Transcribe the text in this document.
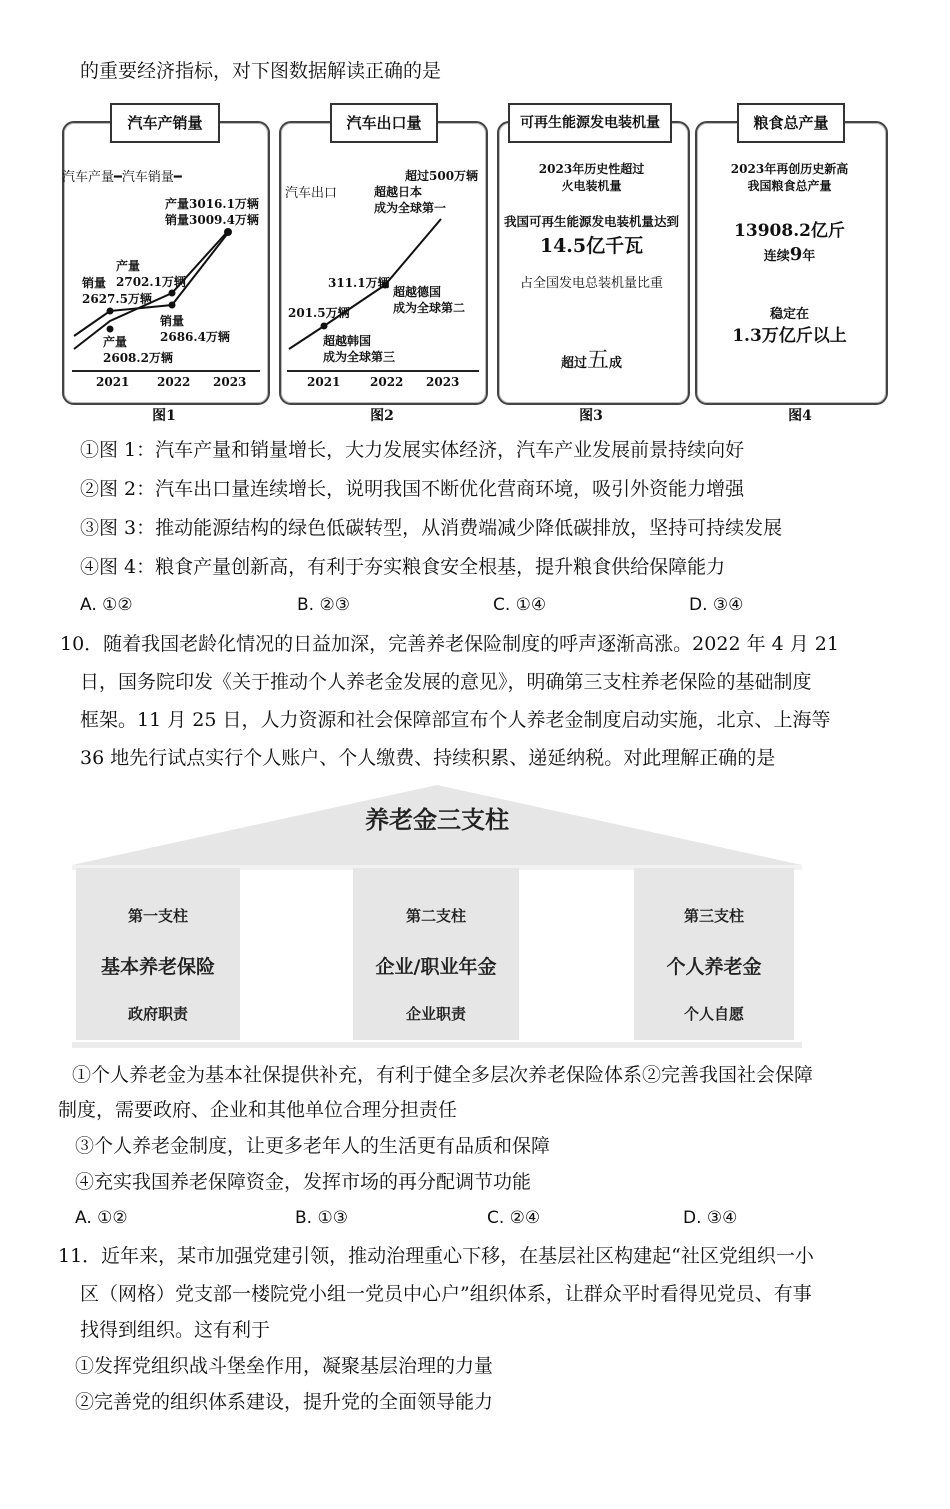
的重要经济指标，对下图数据解读正确的是
汽车产销量
汽车产量━汽车销量━
产量3016.1万辆
销量3009.4万辆
产量
2702.1万辆
销量
2627.5万辆
销量
2686.4万辆
产量
2608.2万辆
2021 2022 2023
图1
汽车出口量
汽车出口
超过500万辆
超越日本
成为全球第一
311.1万辆
超越德国
成为全球第二
201.5万辆
超越韩国
成为全球第三
2021 2022 2023
图2
可再生能源发电装机量
2023年历史性超过
火电装机量
我国可再生能源发电装机量达到
14.5亿千瓦
占全国发电总装机量比重
超过五成
图3
粮食总产量
2023年再创历史新高
我国粮食总产量
13908.2亿斤
连续9年
稳定在
1.3万亿斤以上
图4
①图 1：汽车产量和销量增长，大力发展实体经济，汽车产业发展前景持续向好
②图 2：汽车出口量连续增长，说明我国不断优化营商环境，吸引外资能力增强
③图 3：推动能源结构的绿色低碳转型，从消费端减少降低碳排放，坚持可持续发展
④图 4：粮食产量创新高，有利于夯实粮食安全根基，提升粮食供给保障能力
A. ①②	B. ②③	C. ①④	D. ③④
10．随着我国老龄化情况的日益加深，完善养老保险制度的呼声逐渐高涨。2022 年 4 月 21
日，国务院印发《关于推动个人养老金发展的意见》，明确第三支柱养老保险的基础制度
框架。11 月 25 日，人力资源和社会保障部宣布个人养老金制度启动实施，北京、上海等
36 地先行试点实行个人账户、个人缴费、持续积累、递延纳税。对此理解正确的是
养老金三支柱
第一支柱
基本养老保险
政府职责
第二支柱
企业/职业年金
企业职责
第三支柱
个人养老金
个人自愿
①个人养老金为基本社保提供补充，有利于健全多层次养老保险体系②完善我国社会保障
制度，需要政府、企业和其他单位合理分担责任
③个人养老金制度，让更多老年人的生活更有品质和保障
④充实我国养老保障资金，发挥市场的再分配调节功能
A. ①②	B. ①③	C. ②④	D. ③④
11．近年来，某市加强党建引领，推动治理重心下移，在基层社区构建起“社区党组织一小
区（网格）党支部一楼院党小组一党员中心户”组织体系，让群众平时看得见党员、有事
找得到组织。这有利于
①发挥党组织战斗堡垒作用，凝聚基层治理的力量
②完善党的组织体系建设，提升党的全面领导能力
